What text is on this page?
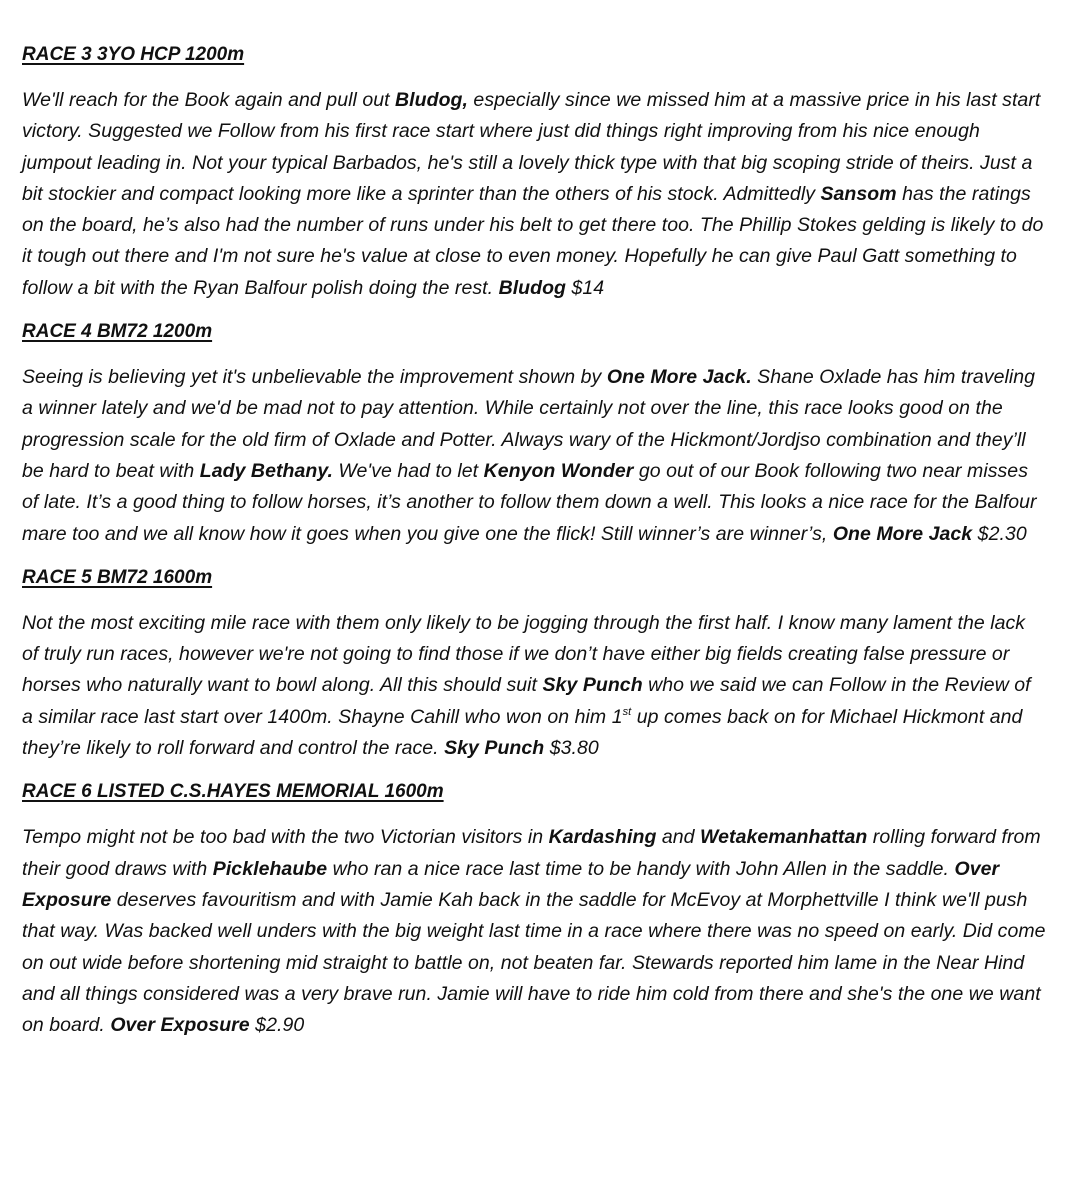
RACE 3 3YO HCP 1200m

We'll reach for the Book again and pull out Bludog, especially since we missed him at a massive price in his last start victory. Suggested we Follow from his first race start where just did things right improving from his nice enough jumpout leading in. Not your typical Barbados, he's still a lovely thick type with that big scoping stride of theirs. Just a bit stockier and compact looking more like a sprinter than the others of his stock. Admittedly Sansom has the ratings on the board, he’s also had the number of runs under his belt to get there too. The Phillip Stokes gelding is likely to do it tough out there and I'm not sure he's value at close to even money. Hopefully he can give Paul Gatt something to follow a bit with the Ryan Balfour polish doing the rest. Bludog $14

RACE 4 BM72 1200m

Seeing is believing yet it's unbelievable the improvement shown by One More Jack. Shane Oxlade has him traveling a winner lately and we'd be mad not to pay attention. While certainly not over the line, this race looks good on the progression scale for the old firm of Oxlade and Potter. Always wary of the Hickmont/Jordjso combination and they’ll be hard to beat with Lady Bethany. We've had to let Kenyon Wonder go out of our Book following two near misses of late. It’s a good thing to follow horses, it’s another to follow them down a well. This looks a nice race for the Balfour mare too and we all know how it goes when you give one the flick! Still winner’s are winner’s, One More Jack $2.30

RACE 5 BM72 1600m

Not the most exciting mile race with them only likely to be jogging through the first half. I know many lament the lack of truly run races, however we're not going to find those if we don’t have either big fields creating false pressure or horses who naturally want to bowl along. All this should suit Sky Punch who we said we can Follow in the Review of a similar race last start over 1400m. Shayne Cahill who won on him 1st up comes back on for Michael Hickmont and they’re likely to roll forward and control the race. Sky Punch $3.80

RACE 6 LISTED C.S.HAYES MEMORIAL 1600m

Tempo might not be too bad with the two Victorian visitors in Kardashing and Wetakemanhattan rolling forward from their good draws with Picklehaube who ran a nice race last time to be handy with John Allen in the saddle. Over Exposure deserves favouritism and with Jamie Kah back in the saddle for McEvoy at Morphettville I think we'll push that way. Was backed well unders with the big weight last time in a race where there was no speed on early. Did come on out wide before shortening mid straight to battle on, not beaten far. Stewards reported him lame in the Near Hind and all things considered was a very brave run. Jamie will have to ride him cold from there and she's the one we want on board. Over Exposure $2.90
